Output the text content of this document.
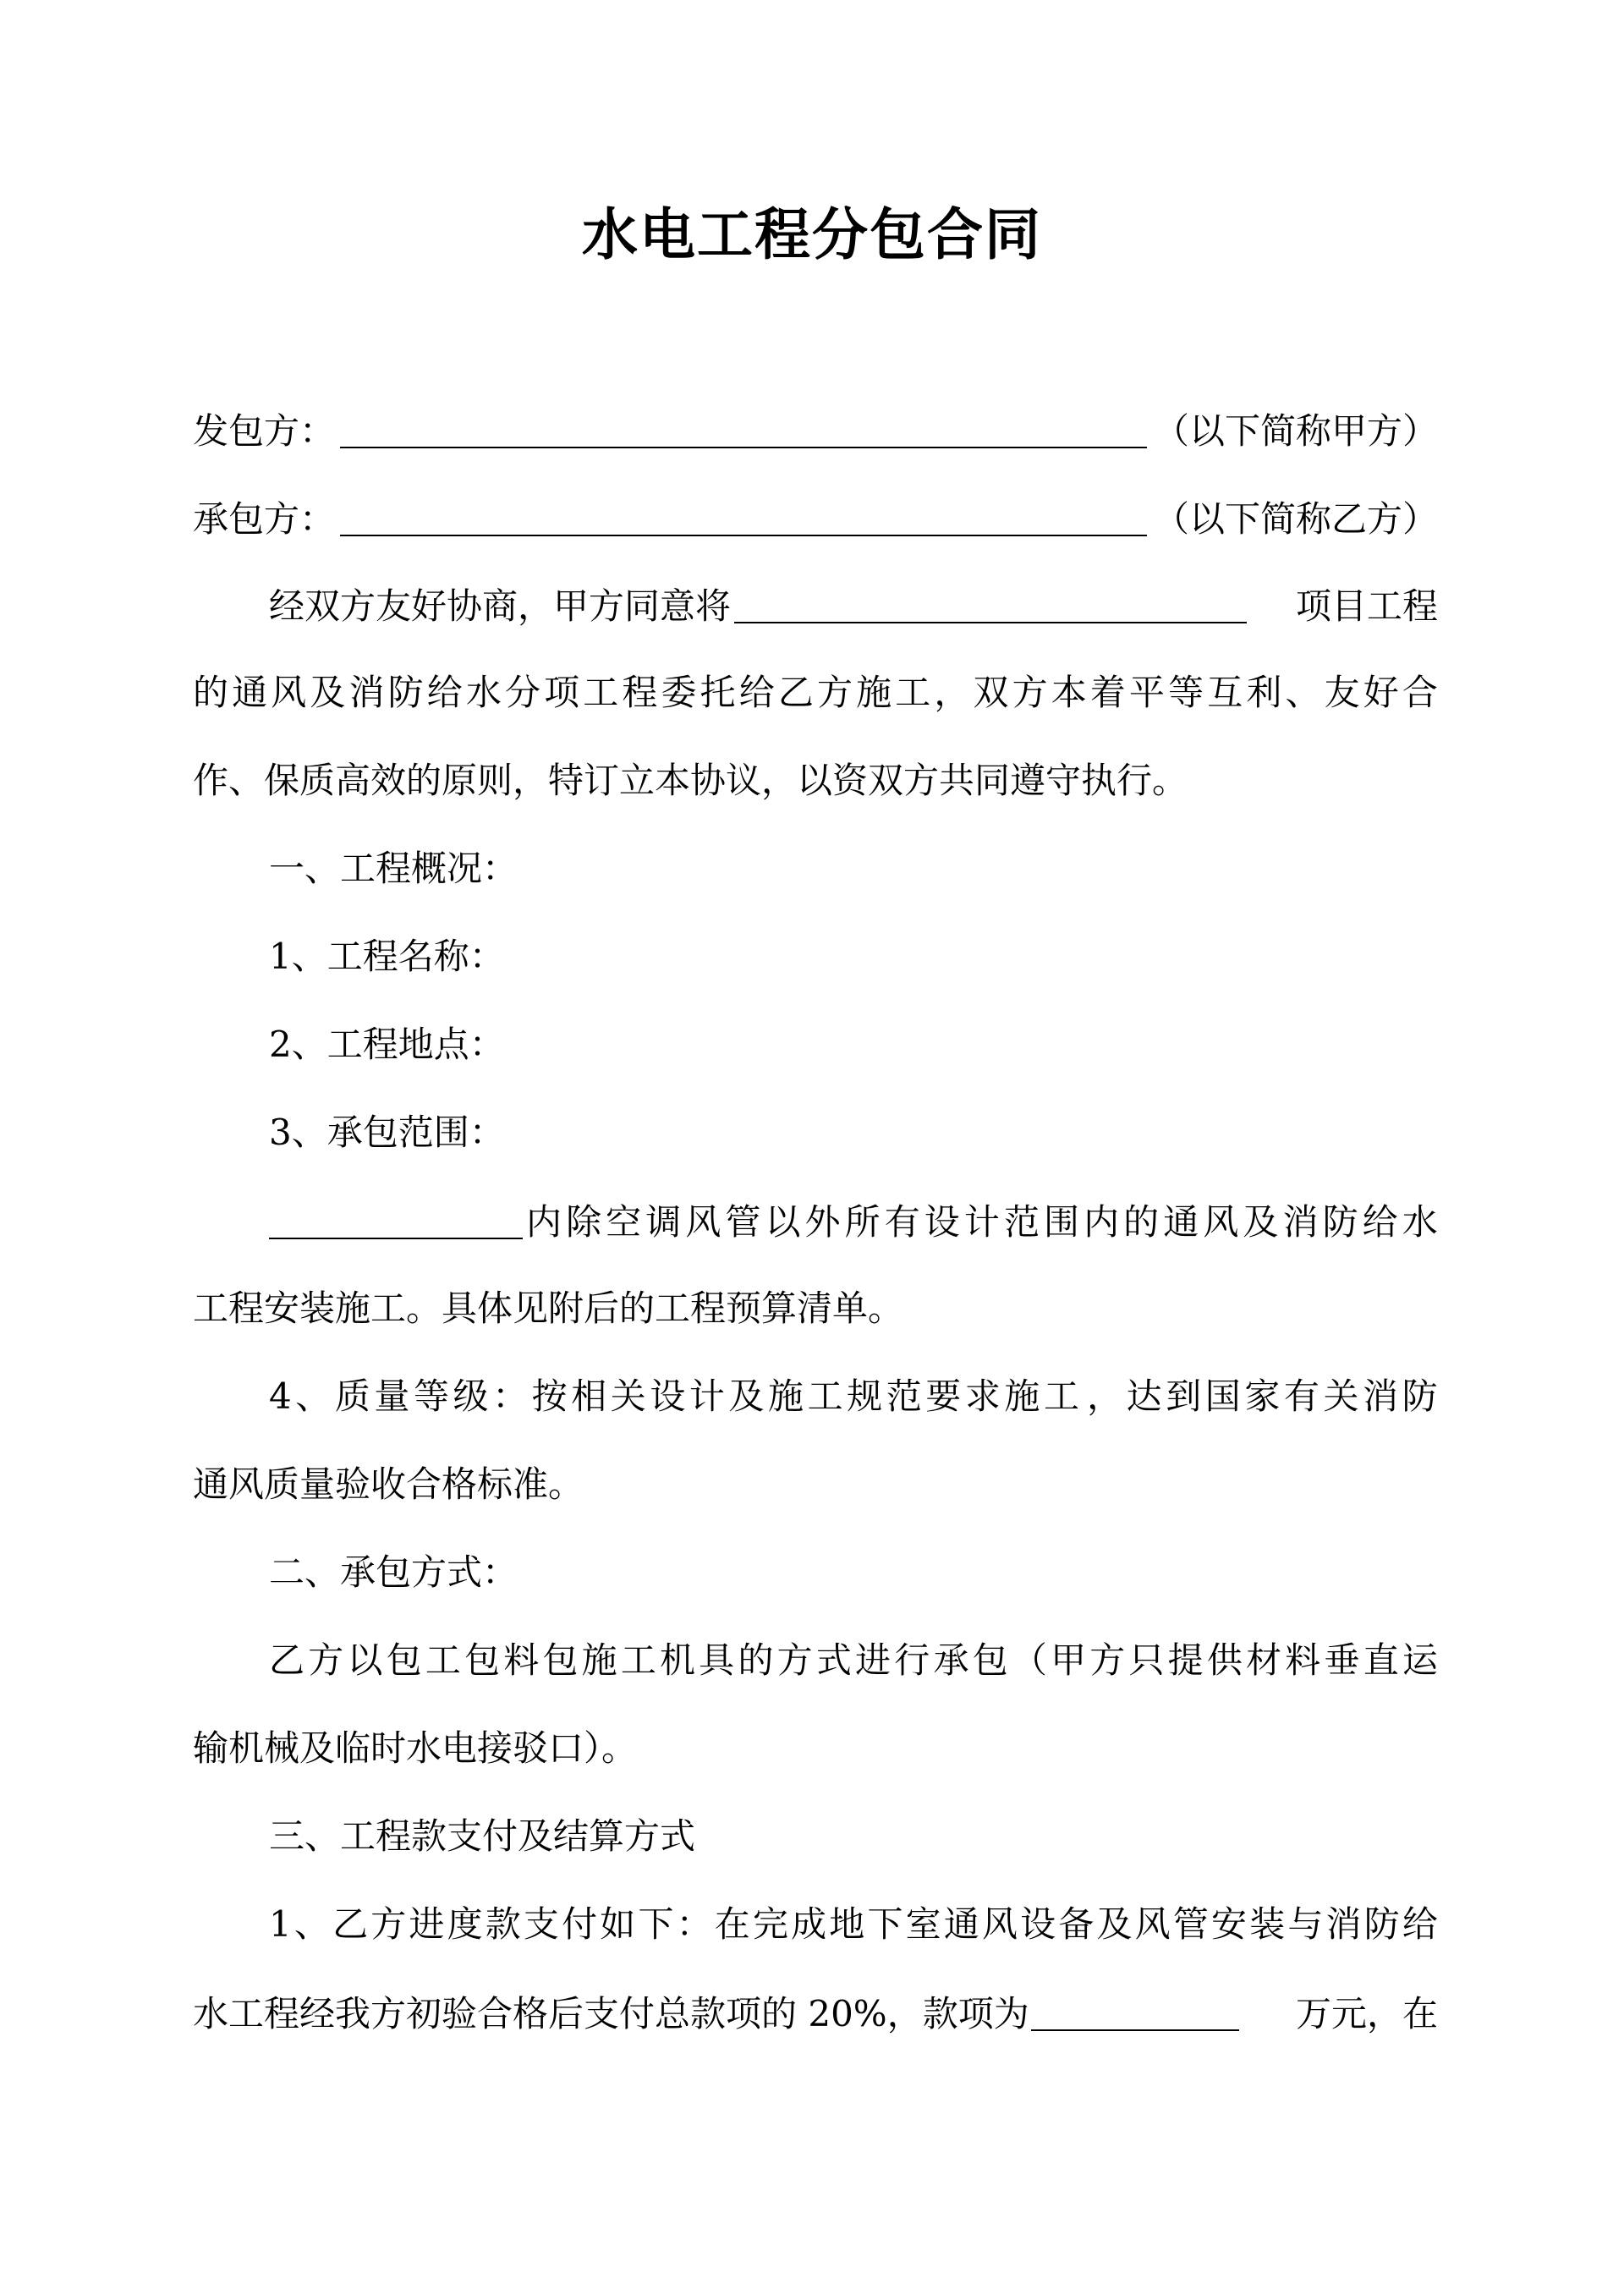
水电工程分包合同
发包方：	（以下简称甲方）
承包方：	（以下简称乙方）
经双方友好协商，甲方同意将	项目工程
的 通 风 及 消 防 给 水 分 项 工 程 委 托 给 乙 方 施 工 ， 双 方 本 着 平 等 互 利 、 友 好 合
作、保质高效的原则，特订立本协议，以资双方共同遵守执行。
一、工程概况：
1、工程名称：
2、工程地点：
3、承包范围：
内 除 空 调 风 管 以 外 所 有 设 计 范 围 内 的 通 风 及 消 防 给 水
工程安装施工。具体见附后的工程预算清单。
4 、 质 量 等 级 ： 按 相 关 设 计 及 施 工 规 范 要 求 施 工 ， 达 到 国 家 有 关 消 防
通风质量验收合格标准。
二、承包方式：
乙 方 以 包 工 包 料 包 施 工 机 具 的 方 式 进 行 承 包 （ 甲 方 只 提 供 材 料 垂 直 运
输机械及临时水电接驳口）。
三、工程款支付及结算方式
1 、 乙 方 进 度 款 支 付 如 下 ： 在 完 成 地 下 室 通 风 设 备 及 风 管 安 装 与 消 防 给
水工程经我方初验合格后支付总款项的 20%，款项为	万元，在
